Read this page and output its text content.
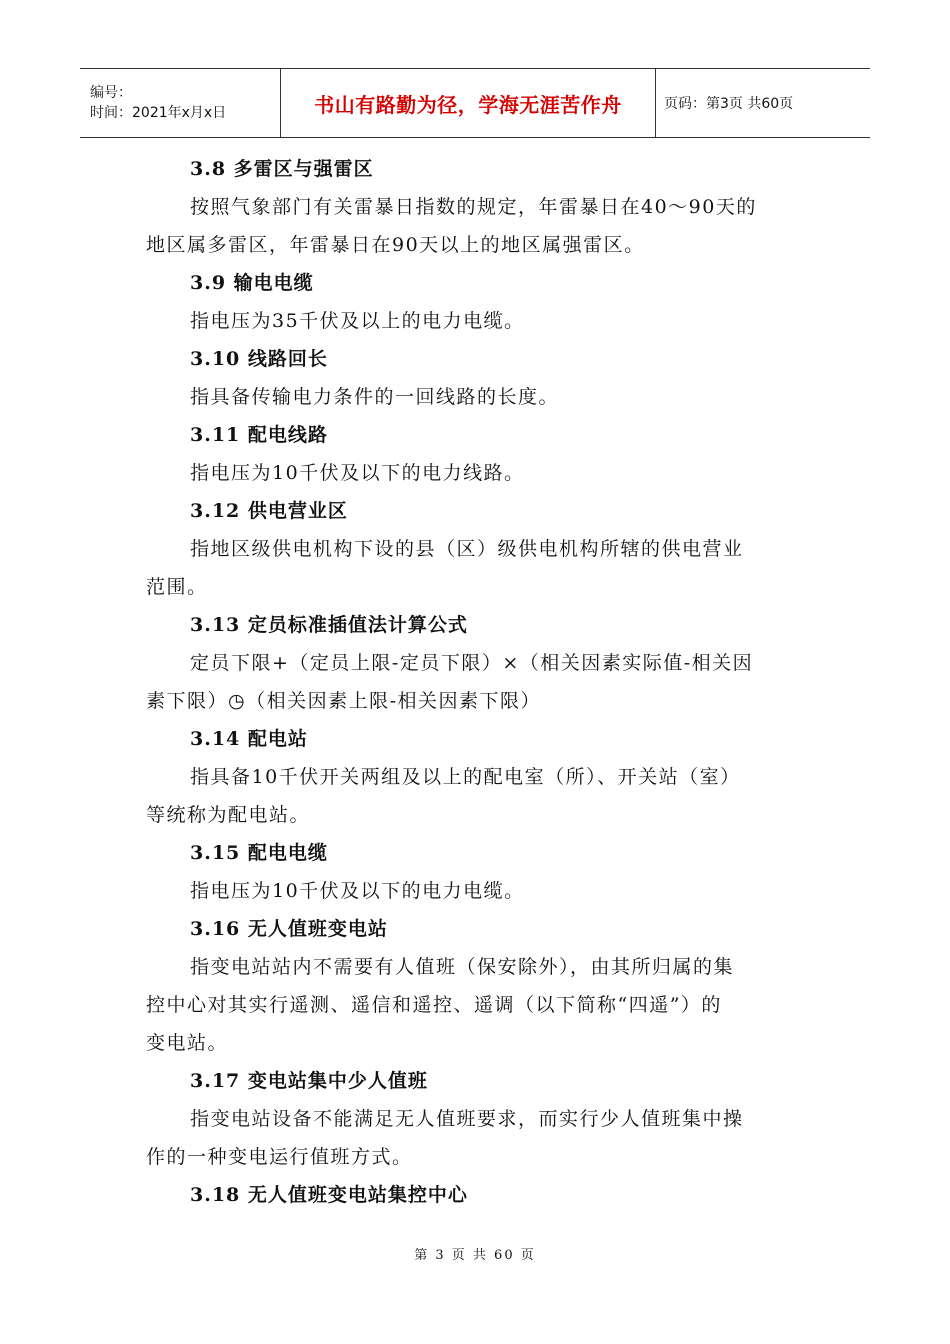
编号：
时间：2021年x月x日	书山有路勤为径，学海无涯苦作舟	页码：第3页 共60页
3.8 多雷区与强雷区
按照气象部门有关雷暴日指数的规定，年雷暴日在40～90天的
地区属多雷区，年雷暴日在90天以上的地区属强雷区。
3.9 输电电缆
指电压为35千伏及以上的电力电缆。
3.10 线路回长
指具备传输电力条件的一回线路的长度。
3.11 配电线路
指电压为10千伏及以下的电力线路。
3.12 供电营业区
指地区级供电机构下设的县（区）级供电机构所辖的供电营业
范围。
3.13 定员标准插值法计算公式
定员下限+（定员上限-定员下限）×（相关因素实际值-相关因
素下限）◷（相关因素上限-相关因素下限）
3.14 配电站
指具备10千伏开关两组及以上的配电室（所）、开关站（室）
等统称为配电站。
3.15 配电电缆
指电压为10千伏及以下的电力电缆。
3.16 无人值班变电站
指变电站站内不需要有人值班（保安除外），由其所归属的集
控中心对其实行遥测、遥信和遥控、遥调（以下简称“四遥”）的
变电站。
3.17 变电站集中少人值班
指变电站设备不能满足无人值班要求，而实行少人值班集中操
作的一种变电运行值班方式。
3.18 无人值班变电站集控中心
第 3 页 共 60 页
